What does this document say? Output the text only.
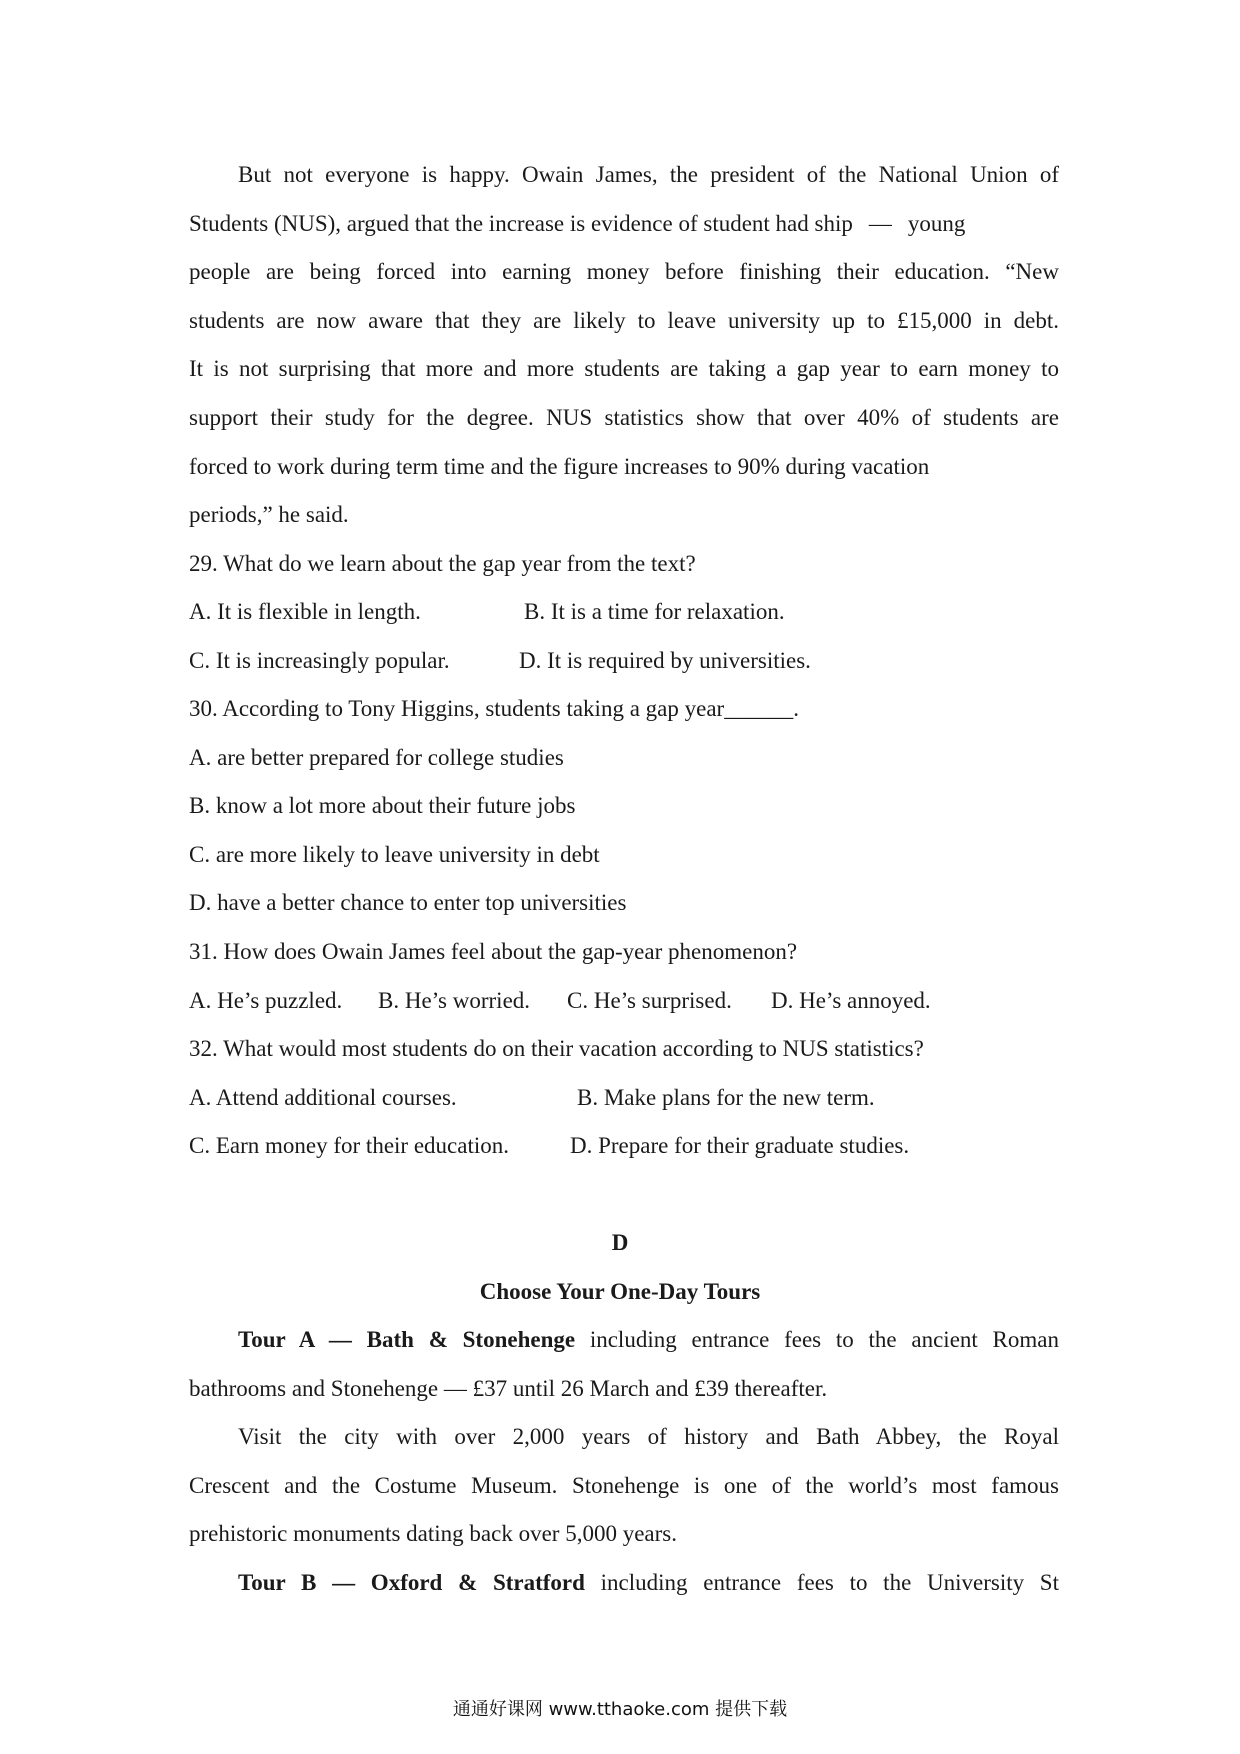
But not everyone is happy. Owain James, the president of the National Union of
Students (NUS), argued that the increase is evidence of student had ship — young
people are being forced into earning money before finishing their education. “New
students are now aware that they are likely to leave university up to £15,000 in debt.
It is not surprising that more and more students are taking a gap year to earn money to
support their study for the degree. NUS statistics show that over 40% of students are
forced to work during term time and the figure increases to 90% during vacation
periods,” he said.
29. What do we learn about the gap year from the text?
A. It is flexible in length.	B. It is a time for relaxation.
C. It is increasingly popular.	D. It is required by universities.
30. According to Tony Higgins, students taking a gap year______.
A. are better prepared for college studies
B. know a lot more about their future jobs
C. are more likely to leave university in debt
D. have a better chance to enter top universities
31. How does Owain James feel about the gap-year phenomenon?
A. He’s puzzled. B. He’s worried. C. He’s surprised. D. He’s annoyed.
32. What would most students do on their vacation according to NUS statistics?
A. Attend additional courses.	B. Make plans for the new term.
C. Earn money for their education.	D. Prepare for their graduate studies.
D
Choose Your One-Day Tours
Tour A — Bath & Stonehenge including entrance fees to the ancient Roman
bathrooms and Stonehenge — £37 until 26 March and £39 thereafter.
Visit the city with over 2,000 years of history and Bath Abbey, the Royal
Crescent and the Costume Museum. Stonehenge is one of the world’s most famous
prehistoric monuments dating back over 5,000 years.
Tour B — Oxford & Stratford including entrance fees to the University St
通通好课网 www.tthaoke.com 提供下载
